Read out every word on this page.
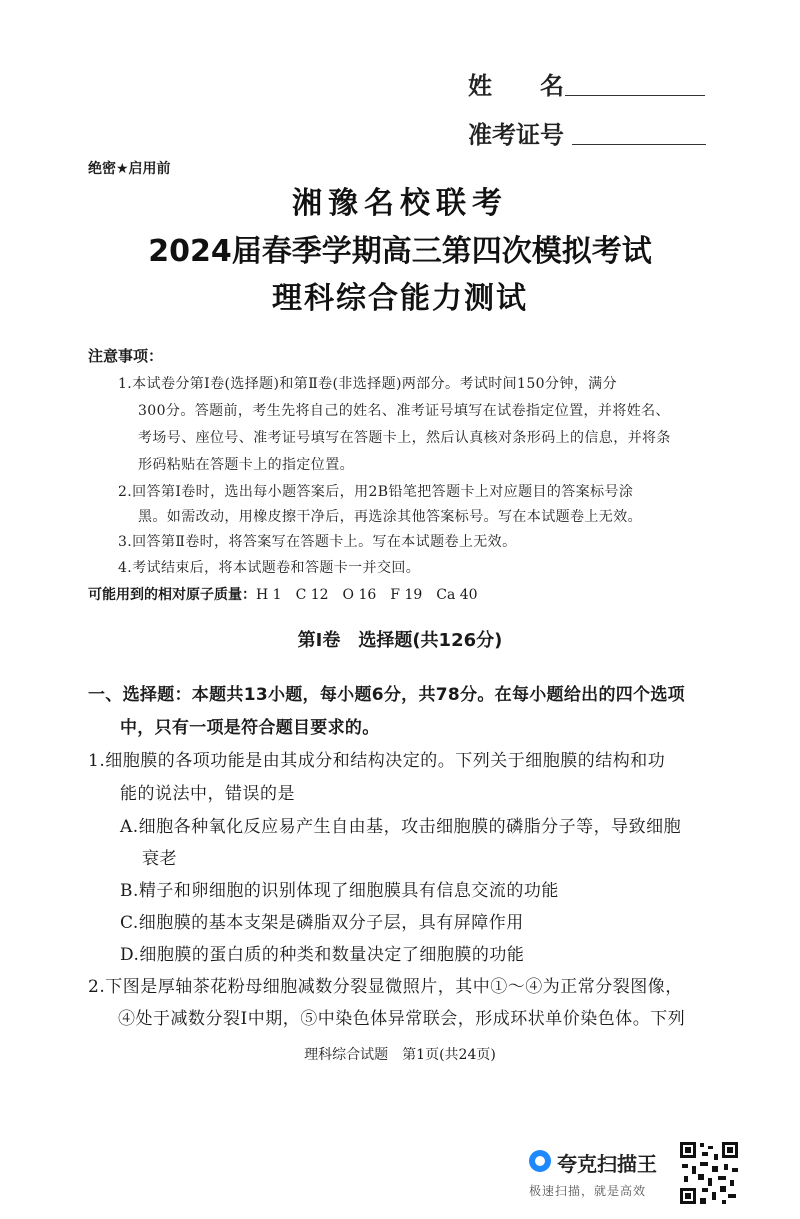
姓　　名
准考证号
绝密★启用前
湘豫名校联考
2024届春季学期高三第四次模拟考试
理科综合能力测试
注意事项：
1.本试卷分第Ⅰ卷(选择题)和第Ⅱ卷(非选择题)两部分。考试时间150分钟，满分
300分。答题前，考生先将自己的姓名、准考证号填写在试卷指定位置，并将姓名、
考场号、座位号、准考证号填写在答题卡上，然后认真核对条形码上的信息，并将条
形码粘贴在答题卡上的指定位置。
2.回答第Ⅰ卷时，选出每小题答案后，用2B铅笔把答题卡上对应题目的答案标号涂
黑。如需改动，用橡皮擦干净后，再选涂其他答案标号。写在本试题卷上无效。
3.回答第Ⅱ卷时，将答案写在答题卡上。写在本试题卷上无效。
4.考试结束后，将本试题卷和答题卡一并交回。
可能用到的相对原子质量：H 1　C 12　O 16　F 19　Ca 40
第Ⅰ卷　选择题(共126分)
一、选择题：本题共13小题，每小题6分，共78分。在每小题给出的四个选项
中，只有一项是符合题目要求的。
1.细胞膜的各项功能是由其成分和结构决定的。下列关于细胞膜的结构和功
能的说法中，错误的是
A.细胞各种氧化反应易产生自由基，攻击细胞膜的磷脂分子等，导致细胞
衰老
B.精子和卵细胞的识别体现了细胞膜具有信息交流的功能
C.细胞膜的基本支架是磷脂双分子层，具有屏障作用
D.细胞膜的蛋白质的种类和数量决定了细胞膜的功能
2.下图是厚轴茶花粉母细胞减数分裂显微照片，其中①～④为正常分裂图像，
④处于减数分裂Ⅰ中期，⑤中染色体异常联会，形成环状单价染色体。下列
理科综合试题　第1页(共24页)
夸克扫描王
极速扫描，就是高效
